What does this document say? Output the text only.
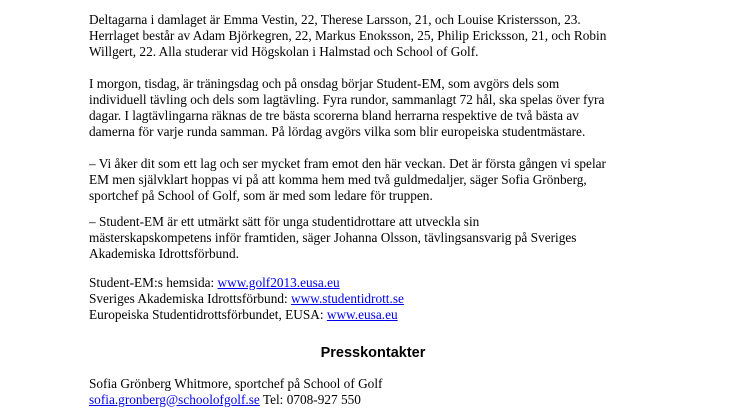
Deltagarna i damlaget är Emma Vestin, 22, Therese Larsson, 21, och Louise Kristersson, 23.

Herrlaget består av Adam Björkegren, 22, Markus Enoksson, 25, Philip Ericksson, 21, och Robin

Willgert, 22. Alla studerar vid Högskolan i Halmstad och School of Golf.

I morgon, tisdag, är träningsdag och på onsdag börjar Student-EM, som avgörs dels som

individuell tävling och dels som lagtävling. Fyra rundor, sammanlagt 72 hål, ska spelas över fyra

dagar. I lagtävlingarna räknas de tre bästa scorerna bland herrarna respektive de två bästa av

damerna för varje runda samman. På lördag avgörs vilka som blir europeiska studentmästare.

– Vi åker dit som ett lag och ser mycket fram emot den här veckan. Det är första gången vi spelar

EM men självklart hoppas vi på att komma hem med två guldmedaljer, säger Sofia Grönberg,

sportchef på School of Golf, som är med som ledare för truppen.

– Student-EM är ett utmärkt sätt för unga studentidrottare att utveckla sin

mästerskapskompetens inför framtiden, säger Johanna Olsson, tävlingsansvarig på Sveriges

Akademiska Idrottsförbund.

Student-EM:s hemsida: www.golf2013.eusa.eu

Sveriges Akademiska Idrottsförbund: www.studentidrott.se

Europeiska Studentidrottsförbundet, EUSA: www.eusa.eu

Presskontakter

Sofia Grönberg Whitmore, sportchef på School of Golf

sofia.gronberg@schoolofgolf.se Tel: 0708-927 550
